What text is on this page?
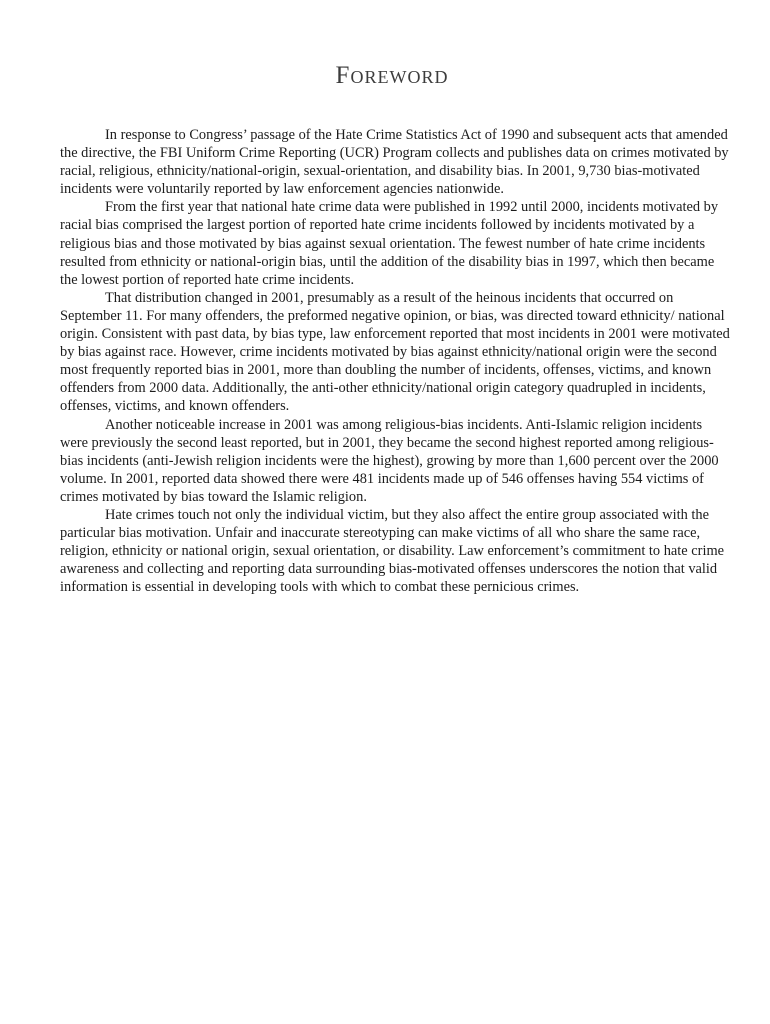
Foreword

In response to Congress’ passage of the Hate Crime Statistics Act of 1990 and subsequent acts that amended the directive, the FBI Uniform Crime Reporting (UCR) Program collects and publishes data on crimes motivated by racial, religious, ethnicity/national-origin, sexual-orientation, and disability bias. In 2001, 9,730 bias-motivated incidents were voluntarily reported by law enforcement agencies nationwide.

From the first year that national hate crime data were published in 1992 until 2000, incidents motivated by racial bias comprised the largest portion of reported hate crime incidents followed by incidents motivated by a religious bias and those motivated by bias against sexual orientation. The fewest number of hate crime incidents resulted from ethnicity or national-origin bias, until the addition of the disability bias in 1997, which then became the lowest portion of reported hate crime incidents.

That distribution changed in 2001, presumably as a result of the heinous incidents that occurred on September 11. For many offenders, the preformed negative opinion, or bias, was directed toward ethnicity/ national origin. Consistent with past data, by bias type, law enforcement reported that most incidents in 2001 were motivated by bias against race. However, crime incidents motivated by bias against ethnicity/national origin were the second most frequently reported bias in 2001, more than doubling the number of incidents, offenses, victims, and known offenders from 2000 data. Additionally, the anti-other ethnicity/national origin category quadrupled in incidents, offenses, victims, and known offenders.

Another noticeable increase in 2001 was among religious-bias incidents. Anti-Islamic religion incidents were previously the second least reported, but in 2001, they became the second highest reported among religious-bias incidents (anti-Jewish religion incidents were the highest), growing by more than 1,600 percent over the 2000 volume. In 2001, reported data showed there were 481 incidents made up of 546 offenses having 554 victims of crimes motivated by bias toward the Islamic religion.

Hate crimes touch not only the individual victim, but they also affect the entire group associated with the particular bias motivation. Unfair and inaccurate stereotyping can make victims of all who share the same race, religion, ethnicity or national origin, sexual orientation, or disability. Law enforcement’s commitment to hate crime awareness and collecting and reporting data surrounding bias-motivated offenses underscores the notion that valid information is essential in developing tools with which to combat these pernicious crimes.
